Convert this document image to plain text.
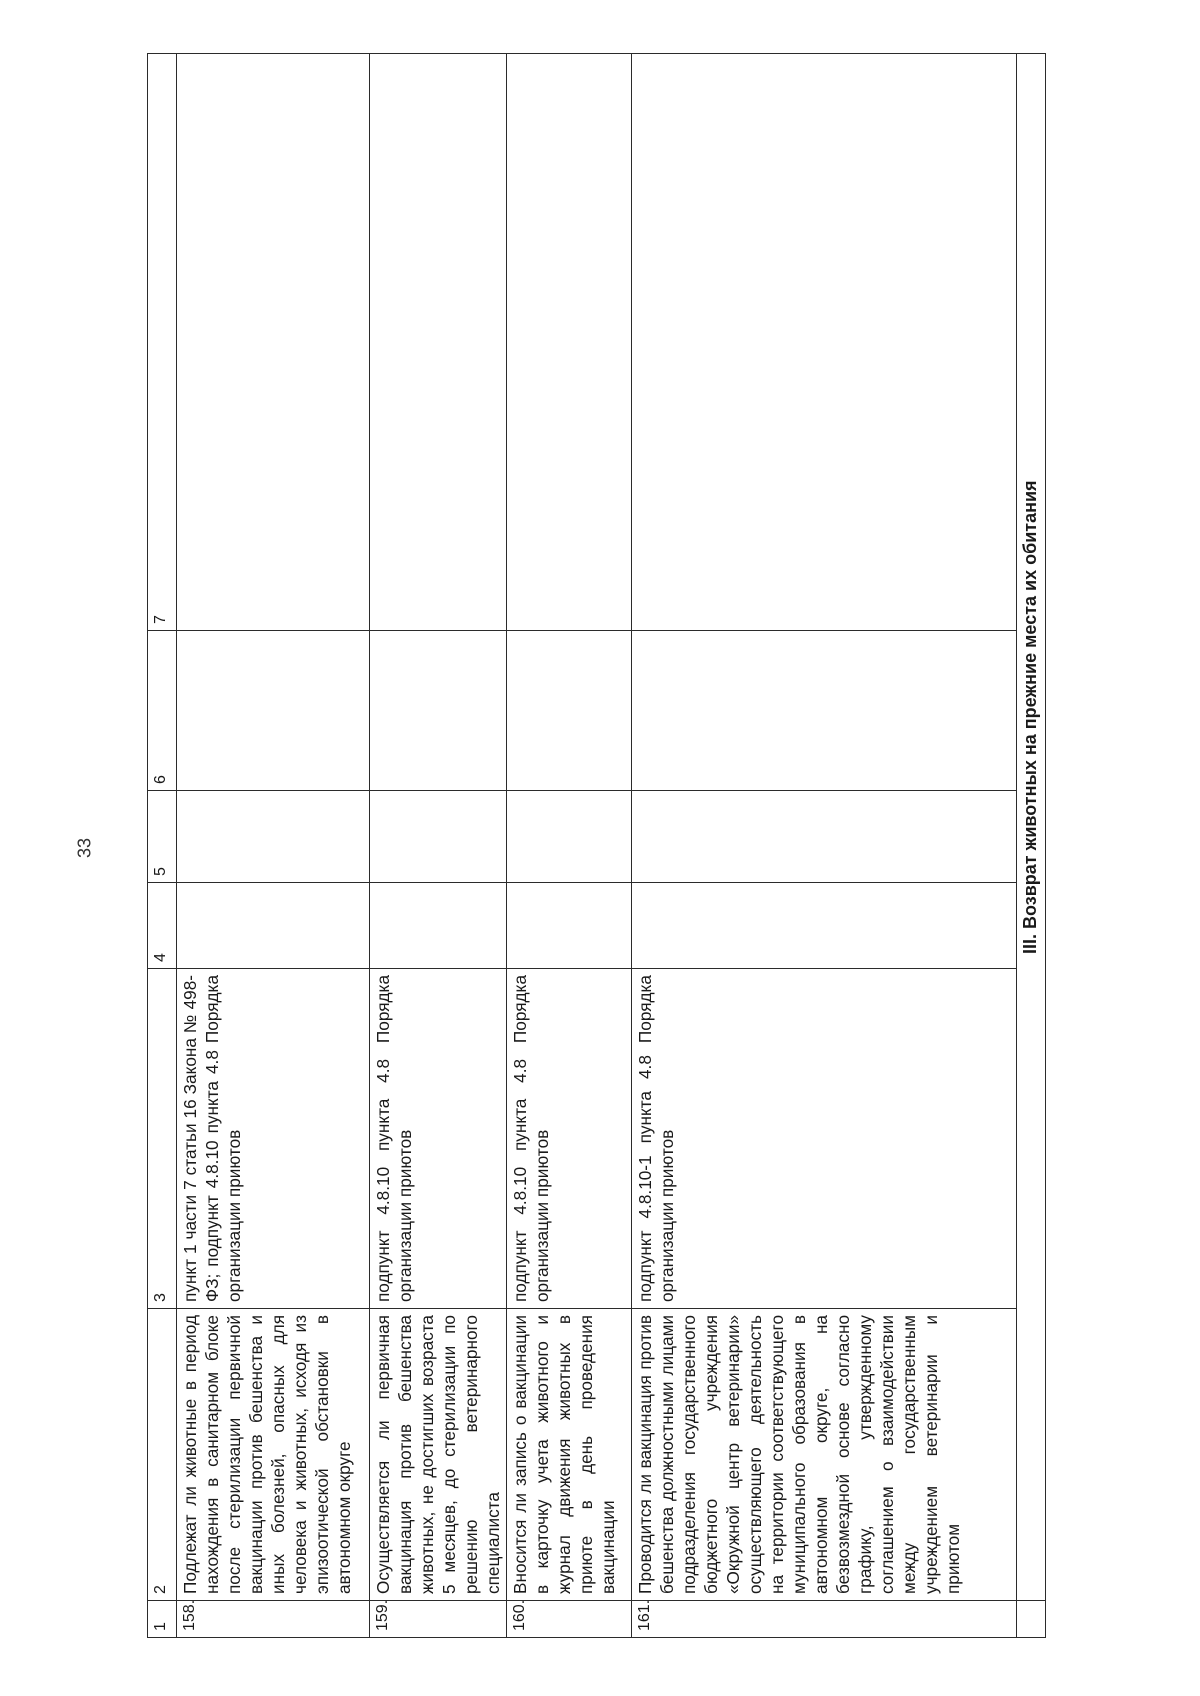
33
1	2	3	4	5	6	7
158.	Подлежат ли животные в период нахождения в санитарном блоке после стерилизации первичной вакцинации против бешенства и иных болезней, опасных для человека и животных, исходя из эпизоотической обстановки в автономном округе	пункт 1 части 7 статьи 16 Закона № 498-ФЗ; подпункт 4.8.10 пункта 4.8 Порядка организации приютов				
159.	Осуществляется ли первичная вакцинация против бешенства животных, не достигших возраста 5 месяцев, до стерилизации по решению ветеринарного специалиста	подпункт 4.8.10 пункта 4.8 Порядка организации приютов				
160.	Вносится ли запись о вакцинации в карточку учета животного и журнал движения животных в приюте в день проведения вакцинации	подпункт 4.8.10 пункта 4.8 Порядка организации приютов				
161.	Проводится ли вакцинация против бешенства должностными лицами подразделения государственного бюджетного учреждения «Окружной центр ветеринарии» осуществляющего деятельность на территории соответствующего муниципального образования в автономном округе, на безвозмездной основе согласно графику, утвержденному соглашением о взаимодействии между государственным учреждением ветеринарии и приютом	подпункт 4.8.10-1 пункта 4.8 Порядка организации приютов				

	III. Возврат животных на прежние места их обитания					
